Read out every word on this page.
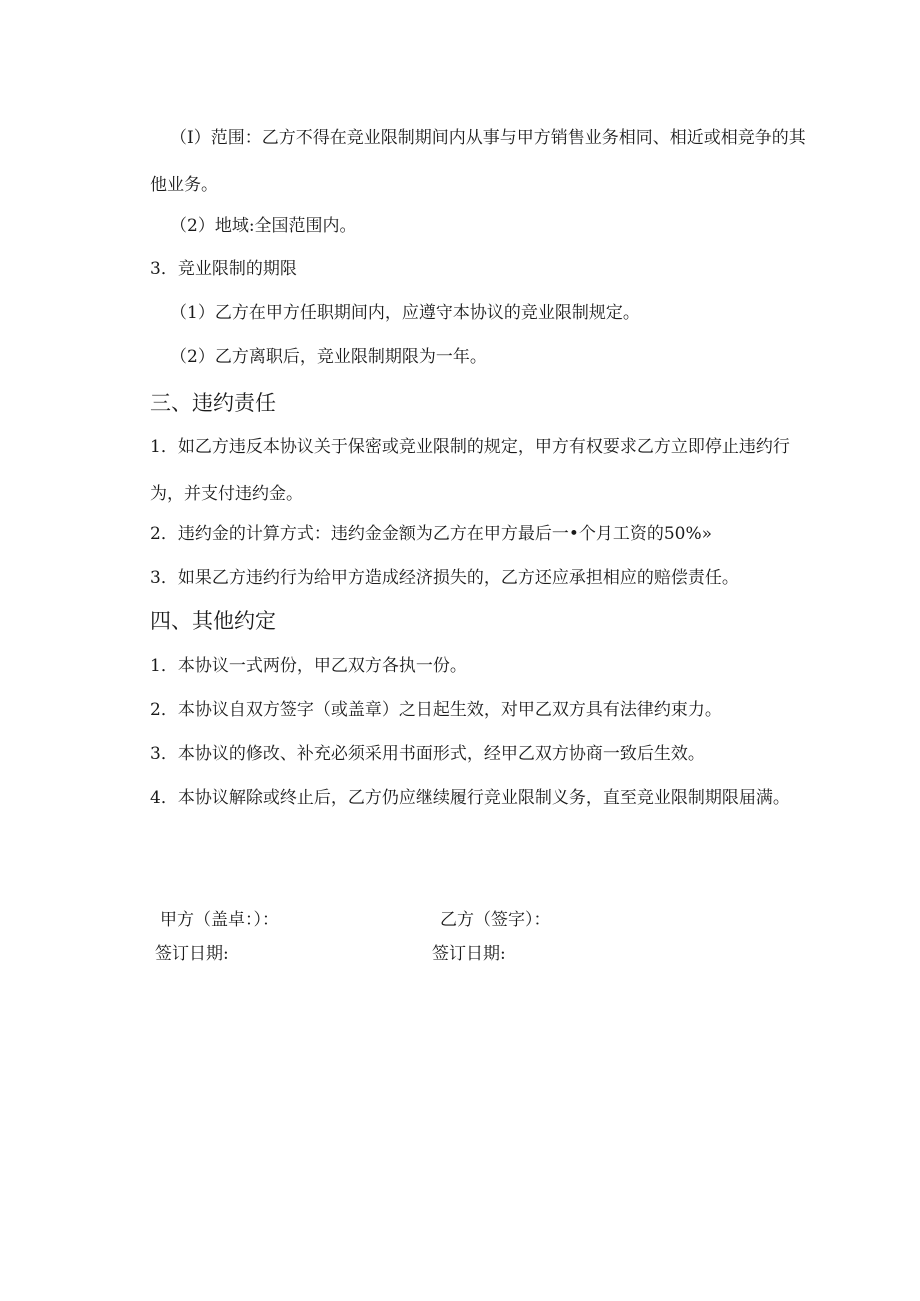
（I）范围：乙方不得在竞业限制期间内从事与甲方销售业务相同、相近或相竞争的其他业务。

（2）地域:全国范围内。

3．竞业限制的期限

（1）乙方在甲方任职期间内，应遵守本协议的竞业限制规定。

（2）乙方离职后，竞业限制期限为一年。

三、违约责任

1．如乙方违反本协议关于保密或竞业限制的规定，甲方有权要求乙方立即停止违约行为，并支付违约金。

2．违约金的计算方式：违约金金额为乙方在甲方最后一•个月工资的50%»

3．如果乙方违约行为给甲方造成经济损失的，乙方还应承担相应的赔偿责任。

四、其他约定

1．本协议一式两份，甲乙双方各执一份。

2．本协议自双方签字（或盖章）之日起生效，对甲乙双方具有法律约束力。

3．本协议的修改、补充必须采用书面形式，经甲乙双方协商一致后生效。

4．本协议解除或终止后，乙方仍应继续履行竞业限制义务，直至竞业限制期限届满。

甲方（盖卓：）：	乙方（签字）：
签订日期:	签订日期:
